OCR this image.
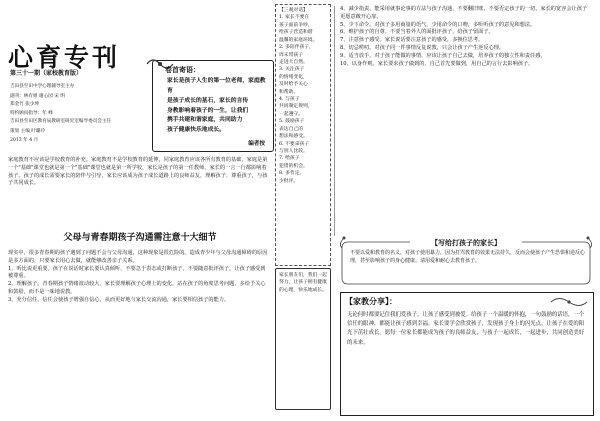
心育专刊
第三十一期（家校教育版）
吉田县至田中学心理辅导室主办
副刊：林有姐 谢心园 宋 明
郑金竹 张少坤
特约顾问指导：年 峰
吉田县至田区教育局教研室研究室编导委员会主任
策划 主编 叶璐玲
2013 年 4 月
卷首寄语：
家长是孩子人生的第一位老师，家庭教育
是孩子成长的基石，家长的言传
身教影响着孩子的一生，让我们
携手共建和谐家庭，共同助力
孩子健康快乐地成长。
编者按
家庭教育不应该是学校教育的补充。家庭教育不是学校教育的延伸，同家庭教育应该各所有教育的基础，家庭是第一个"基础"课堂也就是第一个"基础"课堂也就是第一所学校，家长是孩子的第一任教师，家长的一言一行都影响着孩子。孩子的成长需要家长的陪伴与引导，家长应该成为孩子成长道路上的良师益友，理解孩子、尊重孩子，与孩子共同成长。
父母与青春期孩子沟通需注意十大细节
现实中，很多青春期的孩子遇到了问题不会与父母沟通，这种现象是很危险的。造成青少年与父母沟通障碍的原因是多方面的，只要家长用心去做，就能够改善亲子关系。
1、听比说更重要。孩子在说话时家长要认真倾听，不要急于表态或打断孩子，不要随意批评孩子，让孩子感受到被尊重。
2、理解孩子。青春期孩子情绪波动较大，家长要理解孩子心理上的变化，站在孩子的角度思考问题，多给予关心和鼓励，而不是一味地说教。
3、充分信任。信任会使孩子增强自信心，从而更好地与家长交流沟通，家长要相信孩子的能力。
【三观对话】
1. 家长不要在
孩子面前争吵，
给孩子营造和谐
温馨的家庭环境。
2. 多陪伴孩子，
周末带孩子
走进大自然。
3. 关注孩子
的情绪变化，
及时给予关心
和帮助。
4. 与孩子
共同制定规则，
一起遵守。
5. 鼓励孩子
表达自己的
想法和感受。
6. 不要拿孩子
与别人比较。
7. 给孩子
犯错的机会。
8. 多肯定，
少批评。
家长朋友们，我们一起努力，让孩子拥有健康的心理，快乐地成长。
4、减少指责，能采用就事论事的方法与孩子沟通，不要翻旧账，不要否定孩子的一切，家长的宽容会让孩子更愿意敞开心扉。
5、少下命令。对孩子多用商量的语气，少用命令的口吻，多听听孩子的意见和想法。
6、维护孩子的自尊。不要当着外人的面批评孩子，给孩子留面子。
7、注意孩子感受。家长说话要注意孩子的感受，多换位思考。
8、切忌唠叨。对孩子同一件事情反复说教，只会让孩子产生逆反心理。
9、适当放手。对于孩子能做的事情，应该让孩子自己去做，培养孩子的独立性和责任感。
10、以身作则。家长要求孩子做到的，自己首先要做到，用自己的言行去影响孩子。
【写给打孩子的家长】
不要以爱和教育的名义，对孩子使用暴力，因为打骂教育的效果无法持久，反而会使孩子产生恐惧和逆反心理，甚至影响孩子的身心健康。请用爱和耐心去教育孩子。
【家教分享】：
无论何时都要记住我们爱孩子，让孩子感受到被爱。给孩子一个温暖的怀抱，一句鼓励的话语，一个信任的眼神，都能让孩子感到幸福。家长要学会欣赏孩子，发现孩子身上的闪光点，让孩子在爱的阳光下茁壮成长。愿每一位家长都能成为孩子的良师益友，与孩子一起成长，一起进步，共同创造美好的未来。
